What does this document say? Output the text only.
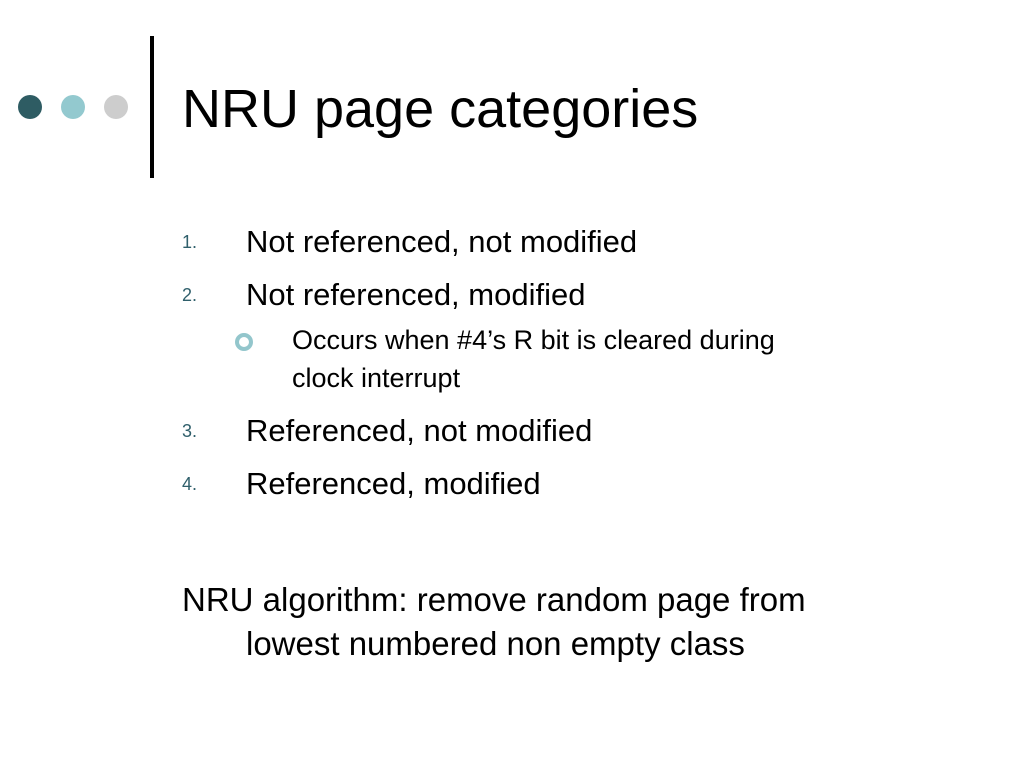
NRU page categories
1. Not referenced, not modified
2. Not referenced, modified
Occurs when #4’s R bit is cleared during
clock interrupt
3. Referenced, not modified
4. Referenced, modified
NRU algorithm: remove random page from
lowest numbered non empty class
